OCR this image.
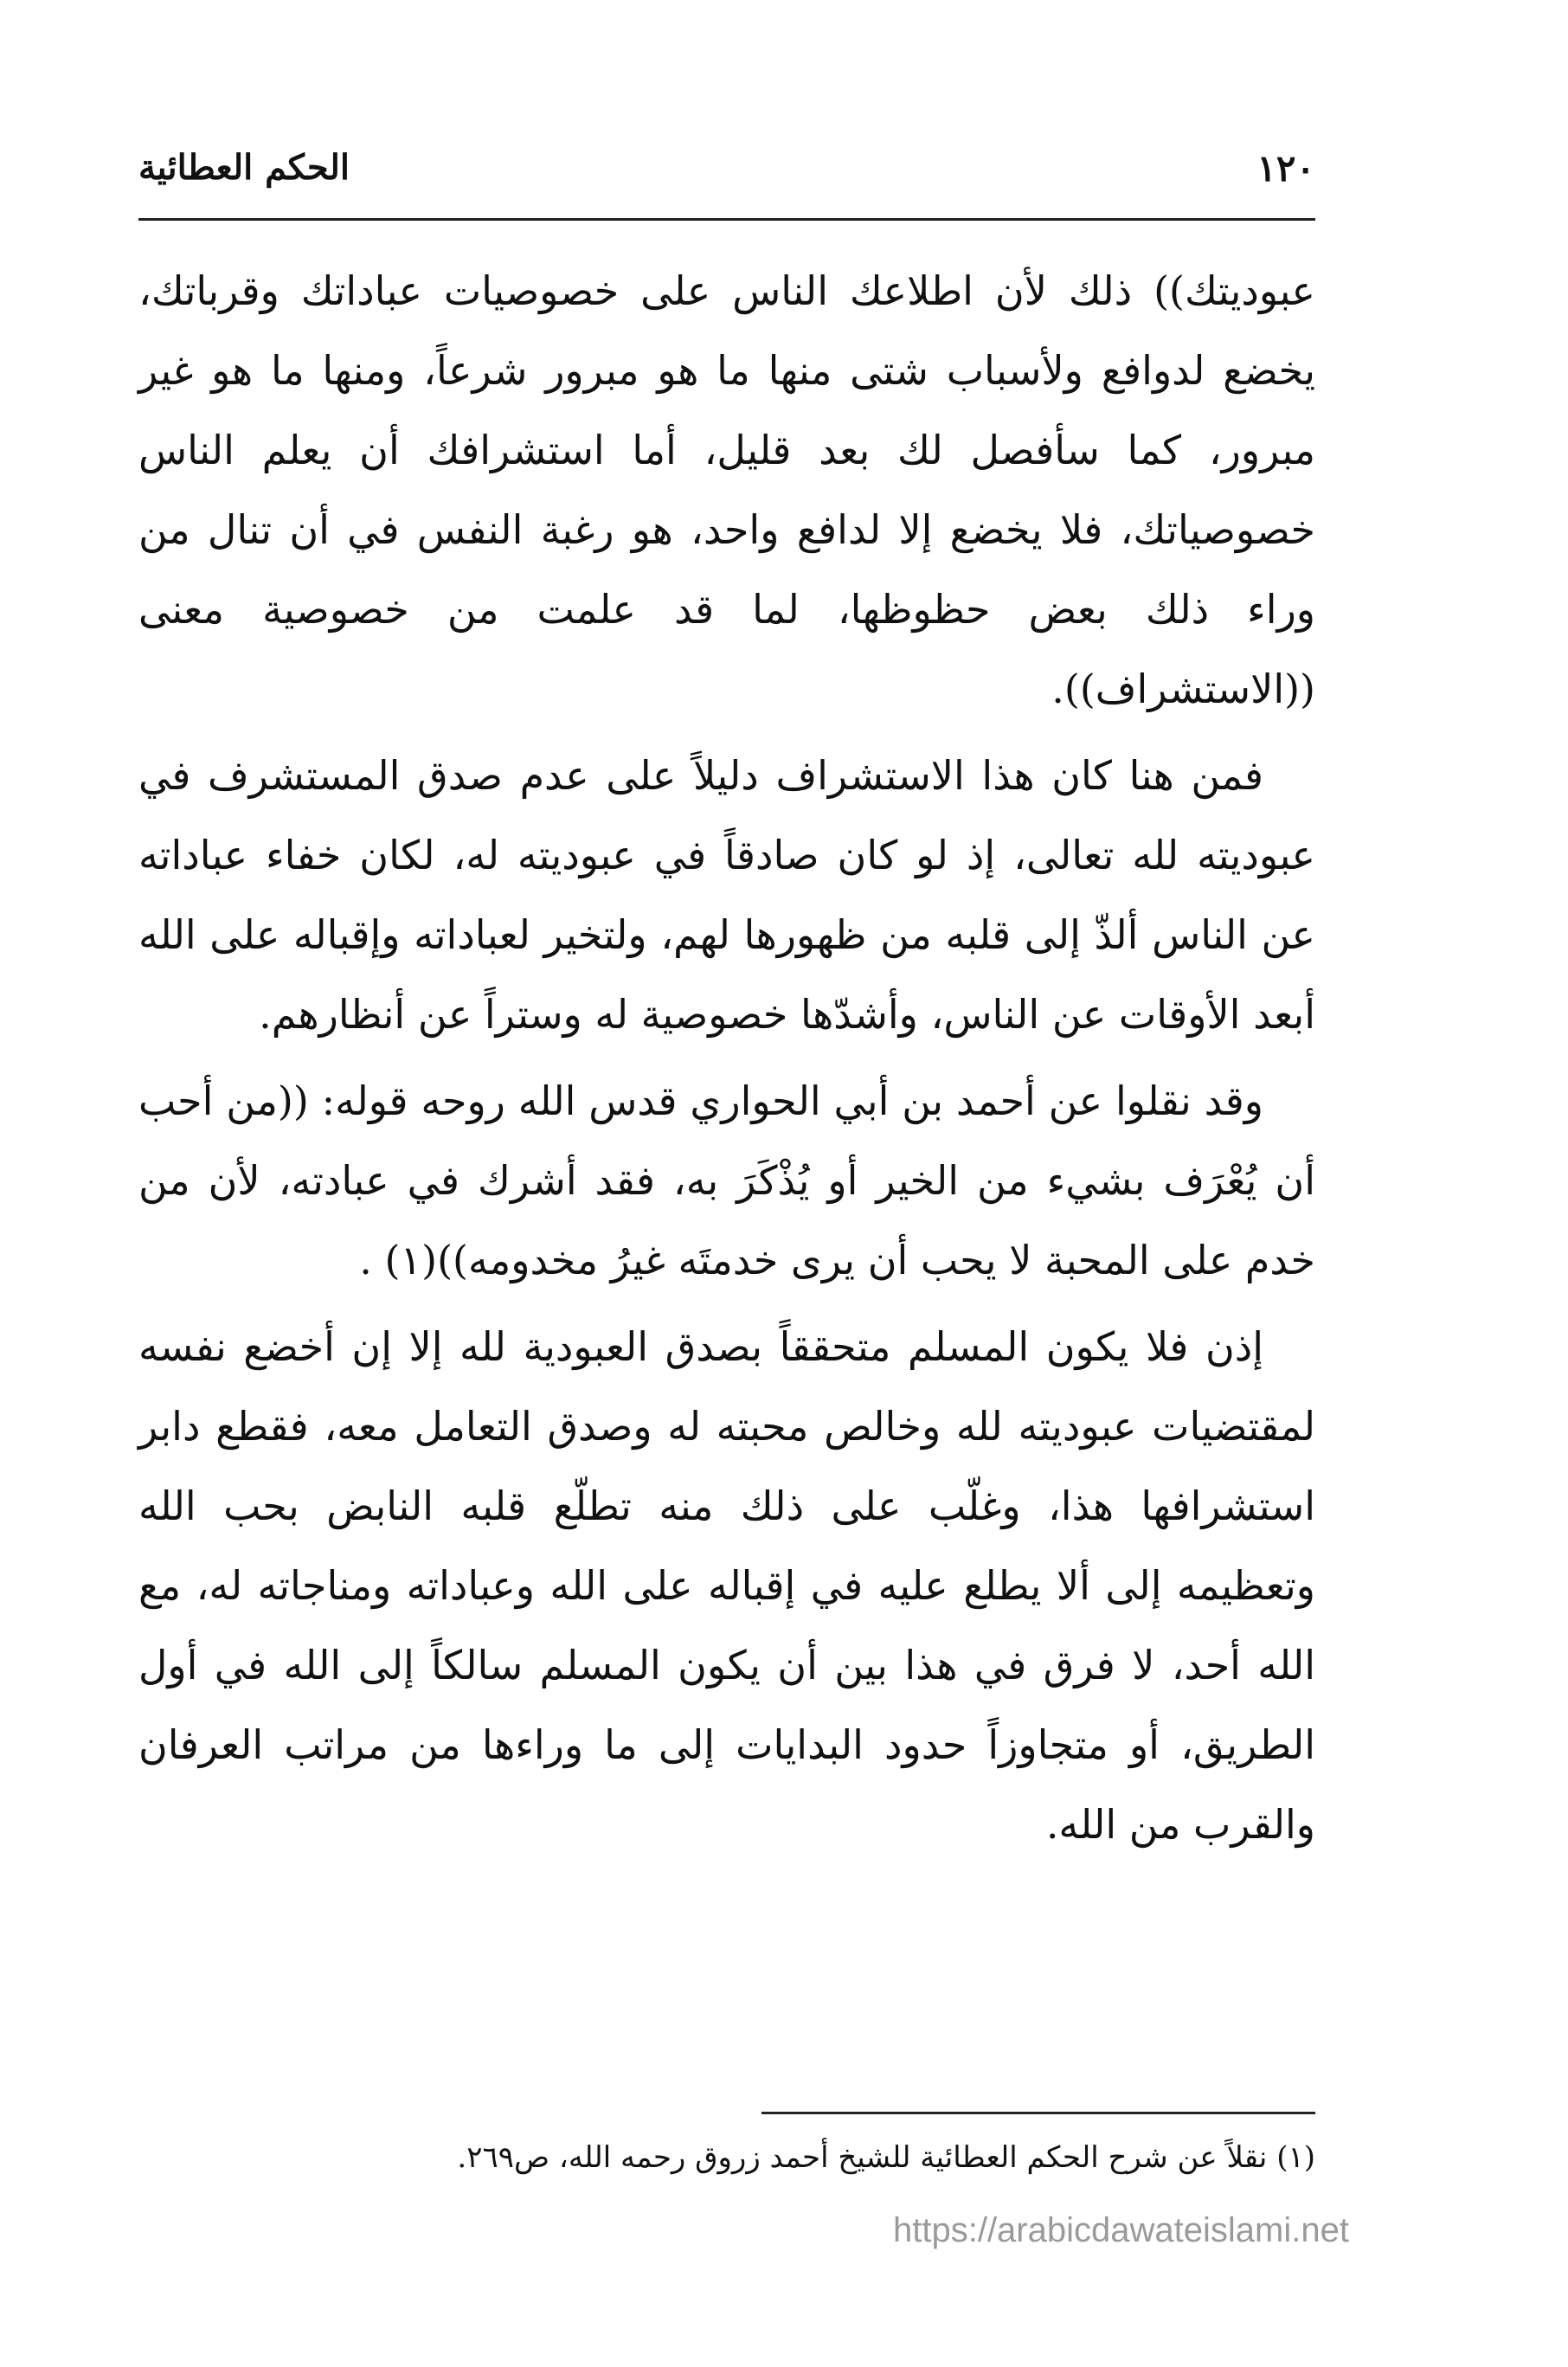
١٢٠
الحكم العطائية

عبوديتك)) ذلك لأن اطلاعك الناس على خصوصيات عباداتك وقرباتك، يخضع لدوافع ولأسباب شتى منها ما هو مبرور شرعاً، ومنها ما هو غير مبرور، كما سأفصل لك بعد قليل، أما استشرافك أن يعلم الناس خصوصياتك، فلا يخضع إلا لدافع واحد، هو رغبة النفس في أن تنال من وراء ذلك بعض حظوظها، لما قد علمت من خصوصية معنى ((الاستشراف)).

فمن هنا كان هذا الاستشراف دليلاً على عدم صدق المستشرف في عبوديته لله تعالى، إذ لو كان صادقاً في عبوديته له، لكان خفاء عباداته عن الناس ألذّ إلى قلبه من ظهورها لهم، ولتخير لعباداته وإقباله على الله أبعد الأوقات عن الناس، وأشدّها خصوصية له وستراً عن أنظارهم.

وقد نقلوا عن أحمد بن أبي الحواري قدس الله روحه قوله: ((من أحب أن يُعْرَف بشيء من الخير أو يُذْكَرَ به، فقد أشرك في عبادته، لأن من خدم على المحبة لا يحب أن يرى خدمتَه غيرُ مخدومه))(١) .

إذن فلا يكون المسلم متحققاً بصدق العبودية لله إلا إن أخضع نفسه لمقتضيات عبوديته لله وخالص محبته له وصدق التعامل معه، فقطع دابر استشرافها هذا، وغلّب على ذلك منه تطلّع قلبه النابض بحب الله وتعظيمه إلى ألا يطلع عليه في إقباله على الله وعباداته ومناجاته له، مع الله أحد، لا فرق في هذا بين أن يكون المسلم سالكاً إلى الله في أول الطريق، أو متجاوزاً حدود البدايات إلى ما وراءها من مراتب العرفان والقرب من الله.

(١) نقلاً عن شرح الحكم العطائية للشيخ أحمد زروق رحمه الله، ص٢٦٩.
https://arabicdawateislami.net
